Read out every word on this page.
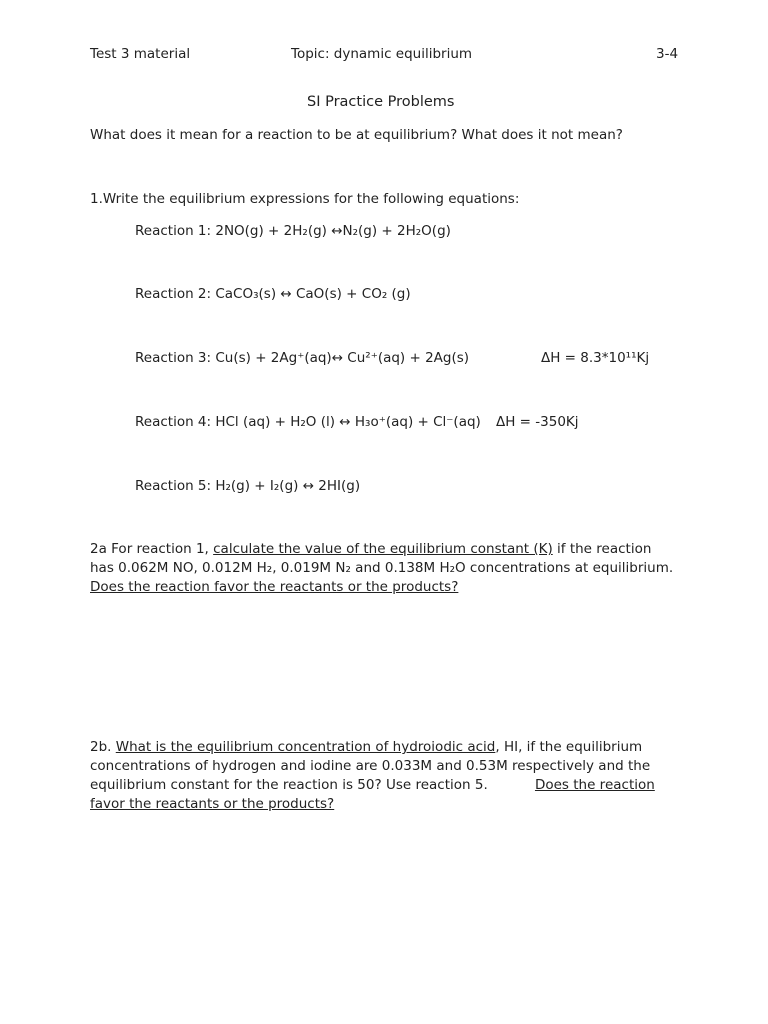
Test 3 material	Topic: dynamic equilibrium	3-4
SI Practice Problems
What does it mean for a reaction to be at equilibrium? What does it not mean?
1.Write the equilibrium expressions for the following equations:
Reaction 1: 2NO(g) + 2H₂(g) ↔N₂(g) + 2H₂O(g)
Reaction 2: CaCO₃(s) ↔ CaO(s) + CO₂ (g)
Reaction 3: Cu(s) + 2Ag⁺(aq)↔ Cu²⁺(aq) + 2Ag(s)	ΔH = 8.3*10¹¹Kj
Reaction 4: HCl (aq) + H₂O (l) ↔ H₃o⁺(aq) + Cl⁻(aq) ΔH = -350Kj
Reaction 5: H₂(g) + I₂(g) ↔ 2HI(g)
2a For reaction 1, calculate the value of the equilibrium constant (K) if the reaction has 0.062M NO, 0.012M H₂, 0.019M N₂ and 0.138M H₂O concentrations at equilibrium. Does the reaction favor the reactants or the products?
2b. What is the equilibrium concentration of hydroiodic acid, HI, if the equilibrium concentrations of hydrogen and iodine are 0.033M and 0.53M respectively and the equilibrium constant for the reaction is 50? Use reaction 5.           Does the reaction favor the reactants or the products?
